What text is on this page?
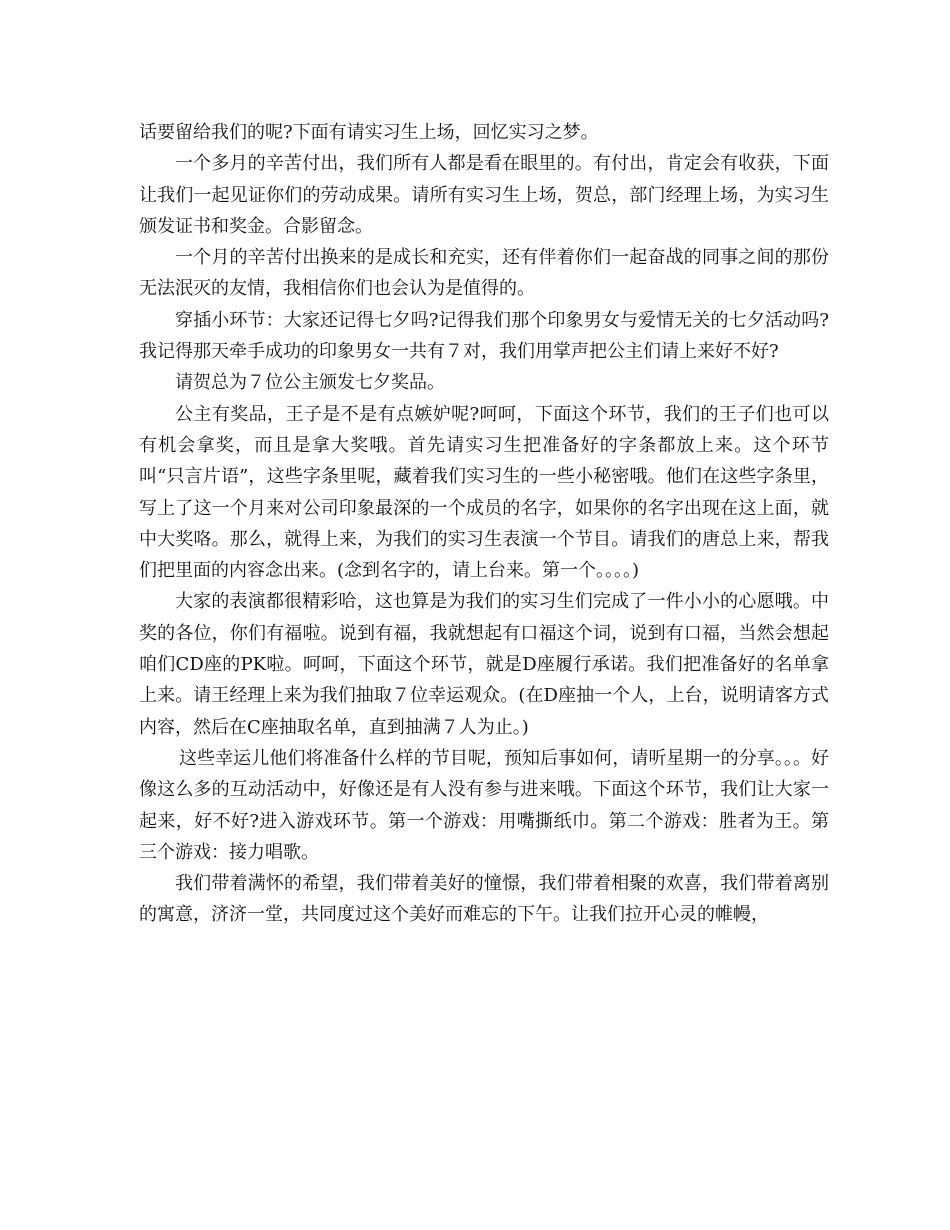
话要留给我们的呢?下面有请实习生上场，回忆实习之梦。

一个多月的辛苦付出，我们所有人都是看在眼里的。有付出，肯定会有收获，下面让我们一起见证你们的劳动成果。请所有实习生上场，贺总，部门经理上场，为实习生颁发证书和奖金。合影留念。

一个月的辛苦付出换来的是成长和充实，还有伴着你们一起奋战的同事之间的那份无法泯灭的友情，我相信你们也会认为是值得的。

穿插小环节：大家还记得七夕吗?记得我们那个印象男女与爱情无关的七夕活动吗?我记得那天牵手成功的印象男女一共有７对，我们用掌声把公主们请上来好不好?

请贺总为７位公主颁发七夕奖品。

公主有奖品，王子是不是有点嫉妒呢?呵呵，下面这个环节，我们的王子们也可以有机会拿奖，而且是拿大奖哦。首先请实习生把准备好的字条都放上来。这个环节叫“只言片语”，这些字条里呢，藏着我们实习生的一些小秘密哦。他们在这些字条里，写上了这一个月来对公司印象最深的一个成员的名字，如果你的名字出现在这上面，就中大奖咯。那么，就得上来，为我们的实习生表演一个节目。请我们的唐总上来，帮我们把里面的内容念出来。(念到名字的，请上台来。第一个。。。。)

大家的表演都很精彩哈，这也算是为我们的实习生们完成了一件小小的心愿哦。中奖的各位，你们有福啦。说到有福，我就想起有口福这个词，说到有口福，当然会想起咱们CD座的PK啦。呵呵，下面这个环节，就是D座履行承诺。我们把准备好的名单拿上来。请王经理上来为我们抽取７位幸运观众。(在D座抽一个人，上台，说明请客方式内容，然后在C座抽取名单，直到抽满７人为止。)

这些幸运儿他们将准备什么样的节目呢，预知后事如何，请听星期一的分享。。。好像这么多的互动活动中，好像还是有人没有参与进来哦。下面这个环节，我们让大家一起来，好不好?进入游戏环节。第一个游戏：用嘴撕纸巾。第二个游戏：胜者为王。第三个游戏：接力唱歌。

我们带着满怀的希望，我们带着美好的憧憬，我们带着相聚的欢喜，我们带着离别的寓意，济济一堂，共同度过这个美好而难忘的下午。让我们拉开心灵的帷幔，
